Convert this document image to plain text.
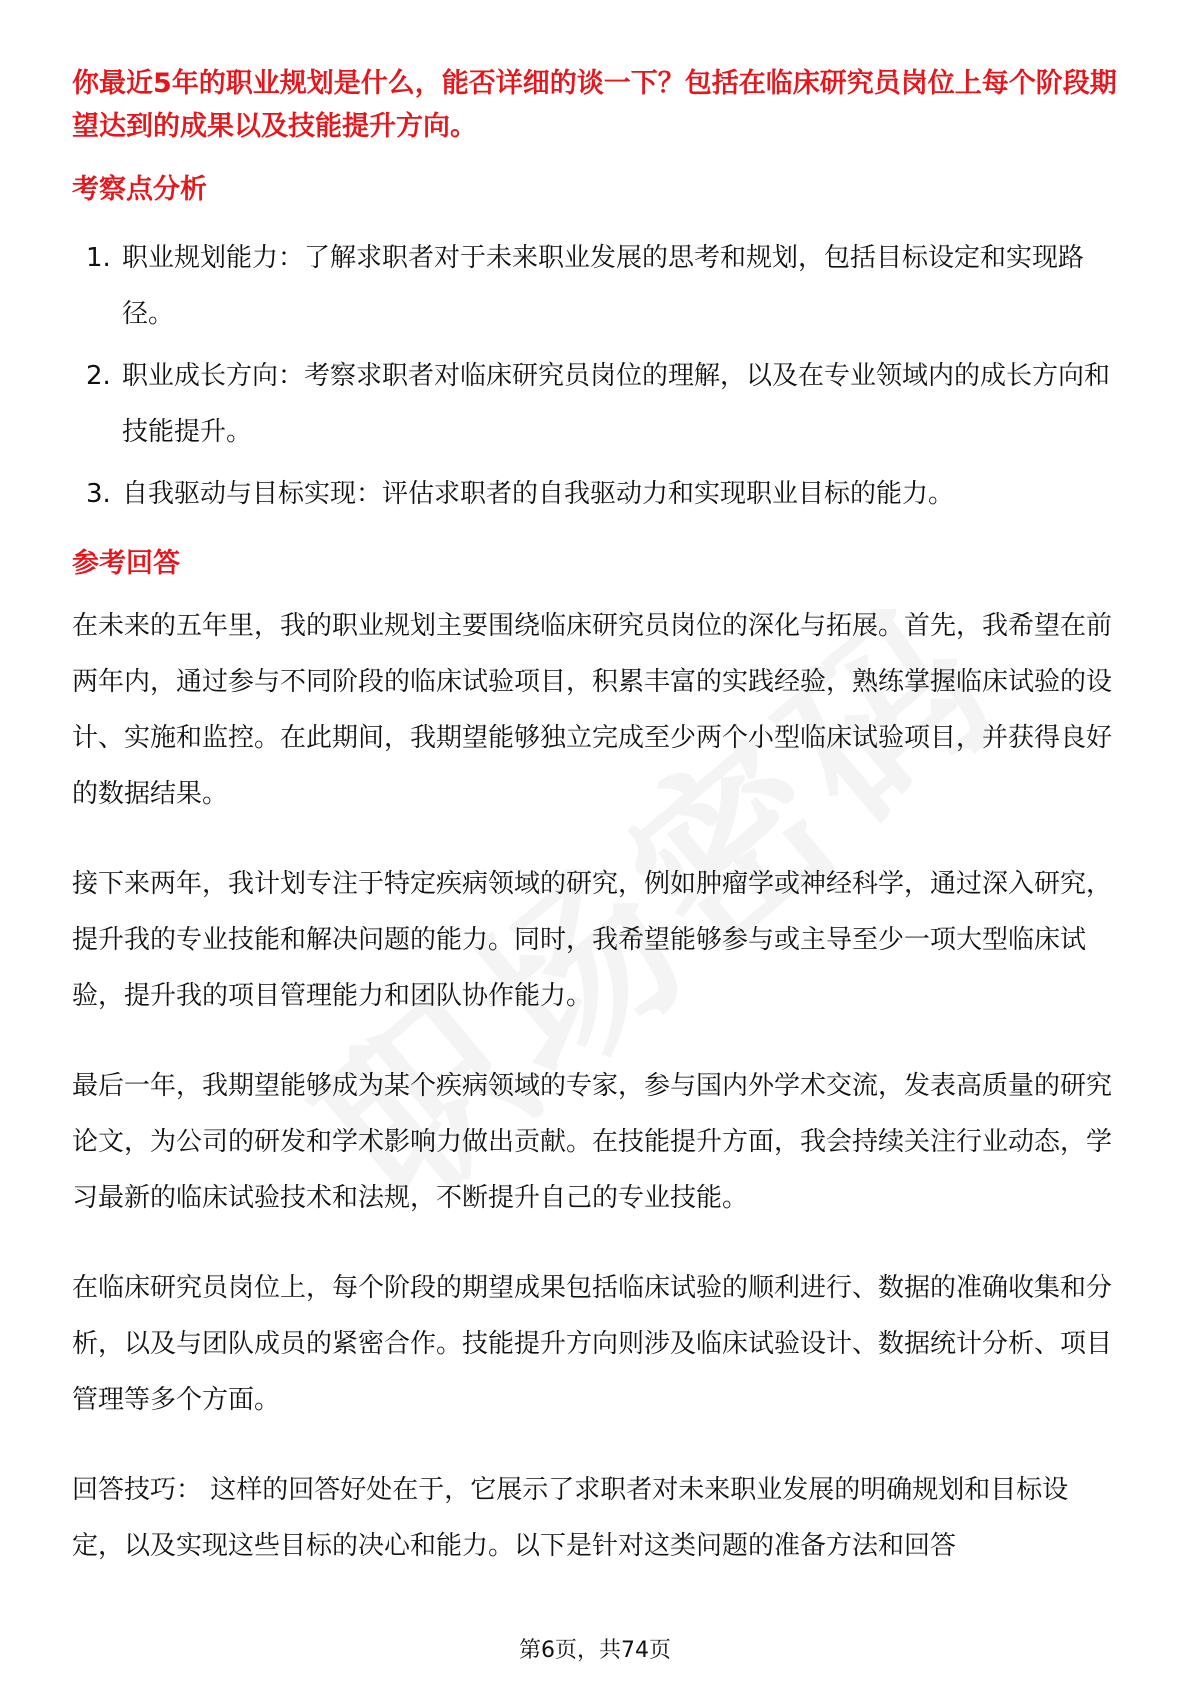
你最近5年的职业规划是什么，能否详细的谈一下？包括在临床研究员岗位上每个阶段期望达到的成果以及技能提升方向。

考察点分析

1. 职业规划能力：了解求职者对于未来职业发展的思考和规划，包括目标设定和实现路径。
2. 职业成长方向：考察求职者对临床研究员岗位的理解，以及在专业领域内的成长方向和技能提升。
3. 自我驱动与目标实现：评估求职者的自我驱动力和实现职业目标的能力。

参考回答

在未来的五年里，我的职业规划主要围绕临床研究员岗位的深化与拓展。首先，我希望在前两年内，通过参与不同阶段的临床试验项目，积累丰富的实践经验，熟练掌握临床试验的设计、实施和监控。在此期间，我期望能够独立完成至少两个小型临床试验项目，并获得良好的数据结果。

接下来两年，我计划专注于特定疾病领域的研究，例如肿瘤学或神经科学，通过深入研究，提升我的专业技能和解决问题的能力。同时，我希望能够参与或主导至少一项大型临床试验，提升我的项目管理能力和团队协作能力。

最后一年，我期望能够成为某个疾病领域的专家，参与国内外学术交流，发表高质量的研究论文，为公司的研发和学术影响力做出贡献。在技能提升方面，我会持续关注行业动态，学习最新的临床试验技术和法规，不断提升自己的专业技能。

在临床研究员岗位上，每个阶段的期望成果包括临床试验的顺利进行、数据的准确收集和分析，以及与团队成员的紧密合作。技能提升方向则涉及临床试验设计、数据统计分析、项目管理等多个方面。

回答技巧： 这样的回答好处在于，它展示了求职者对未来职业发展的明确规划和目标设定，以及实现这些目标的决心和能力。以下是针对这类问题的准备方法和回答

第6页，共74页
